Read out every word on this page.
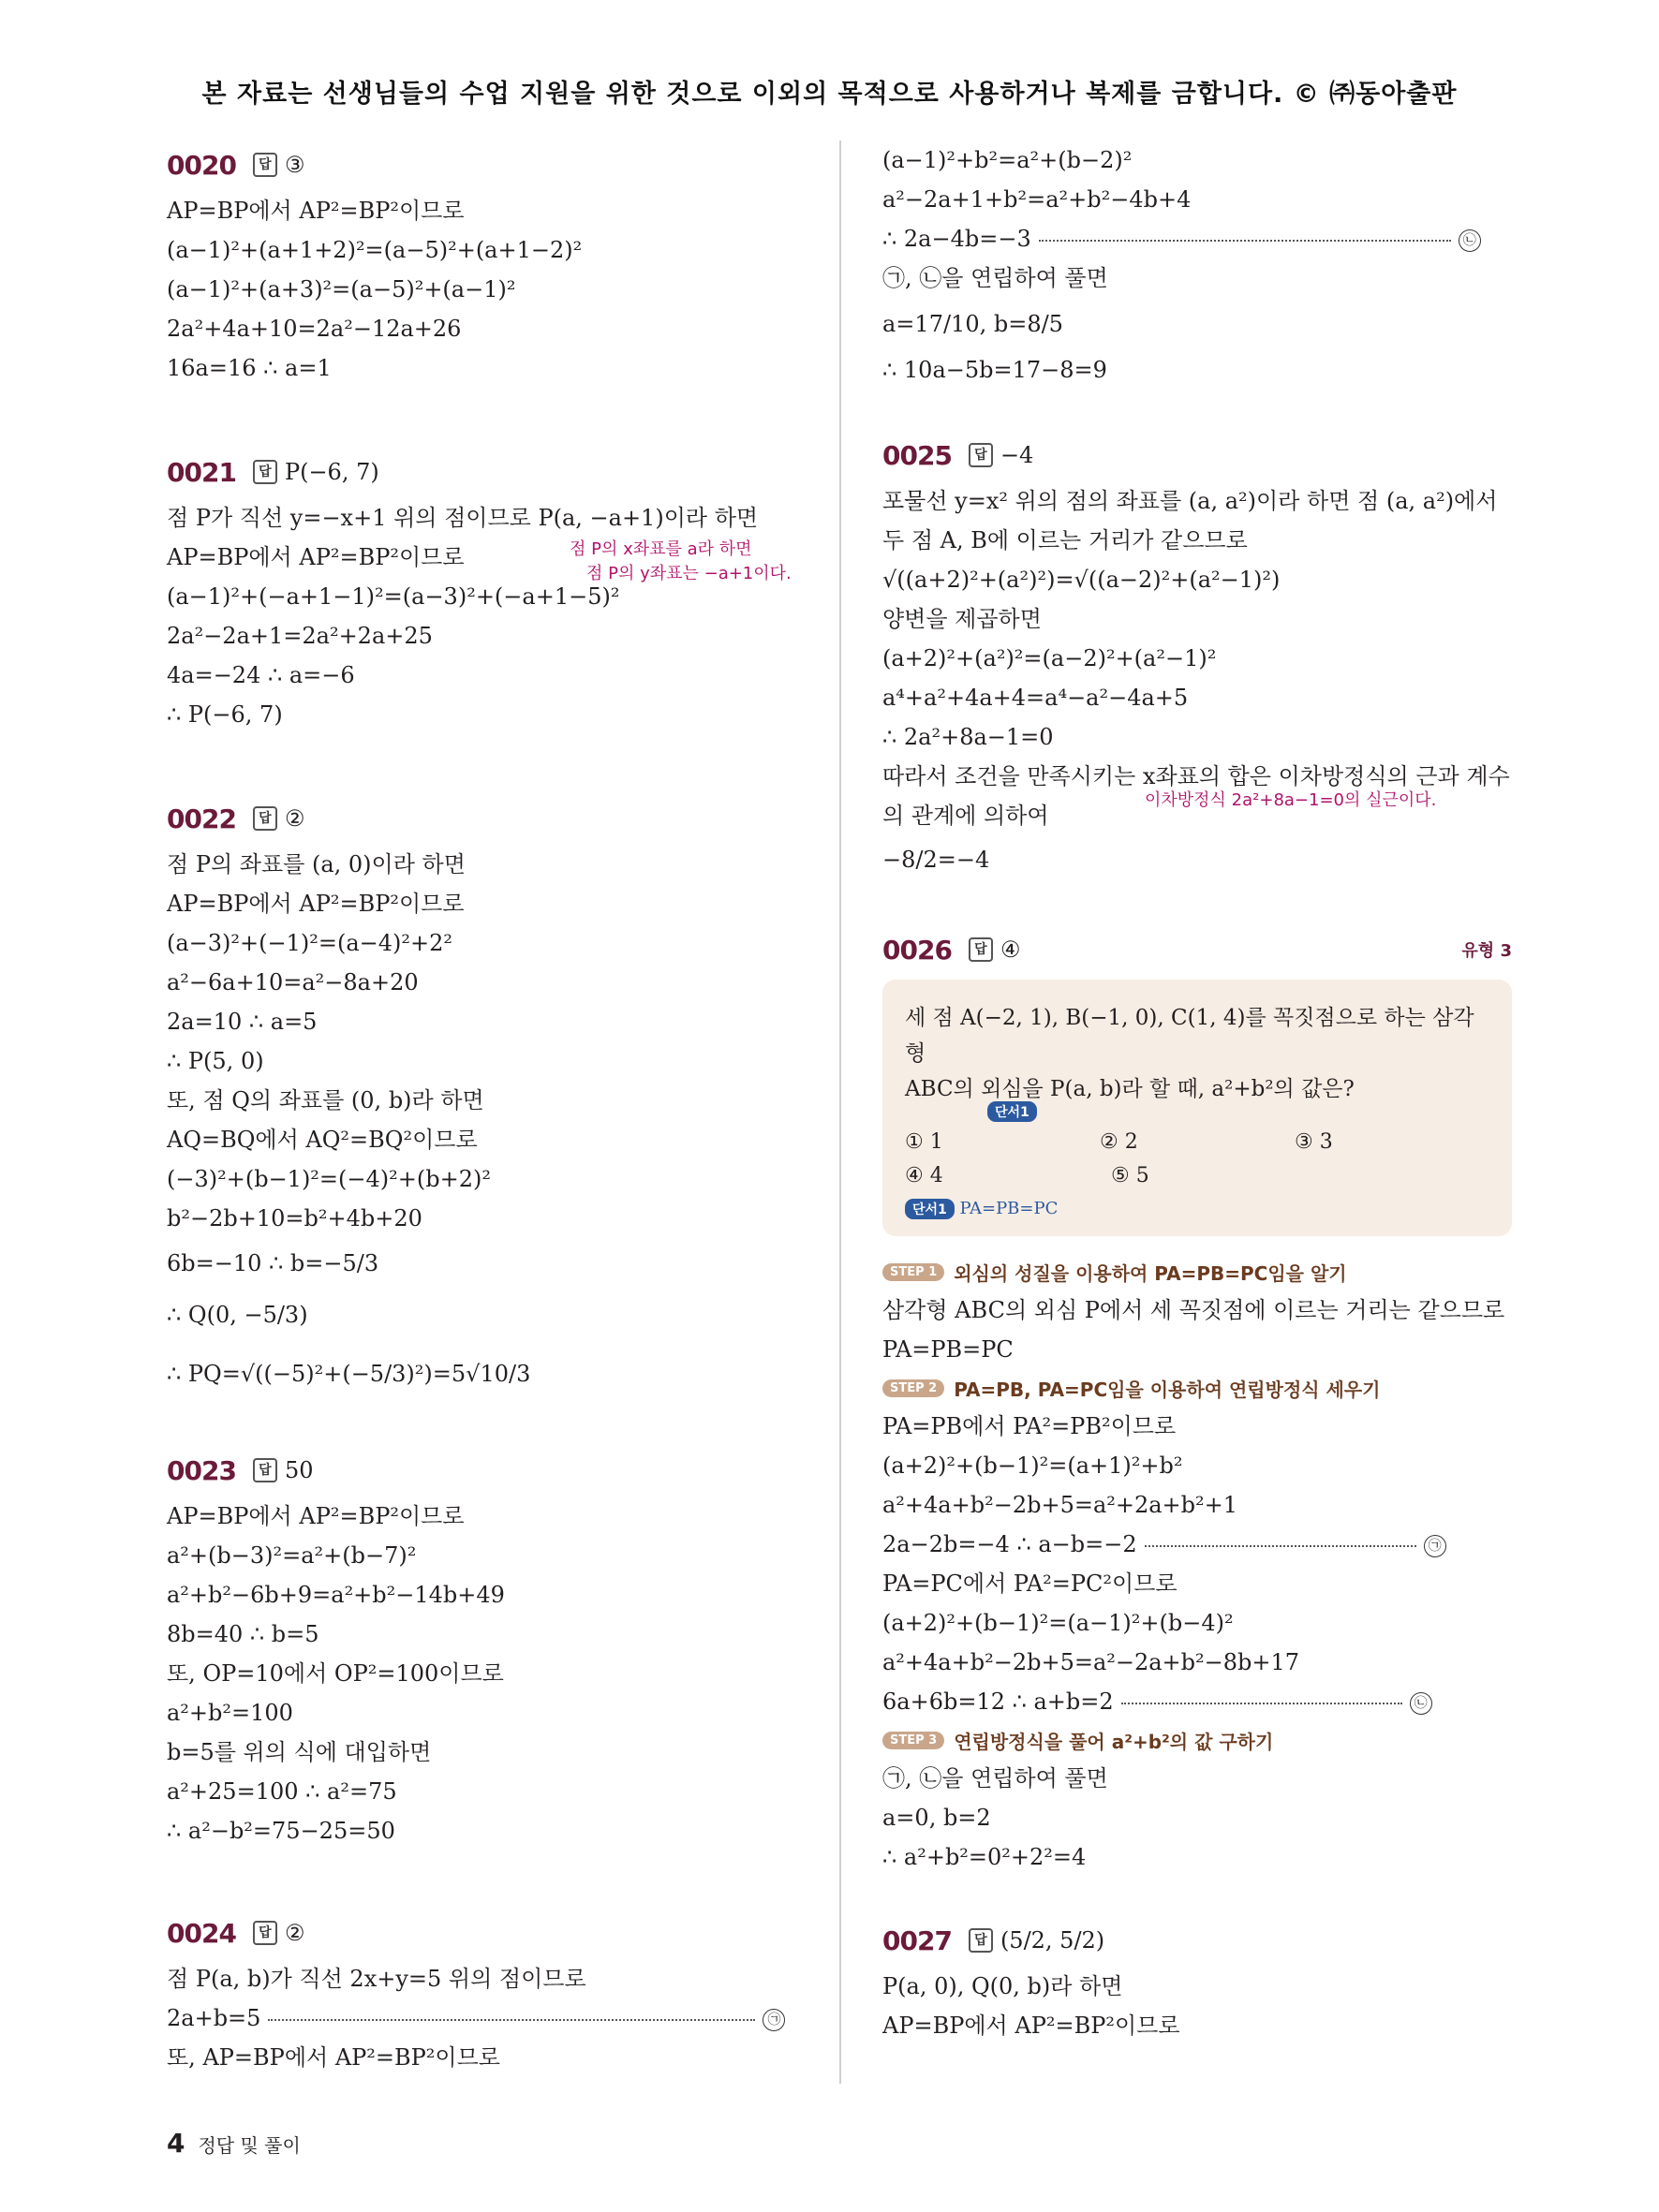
본 자료는 선생님들의 수업 지원을 위한 것으로 이외의 목적으로 사용하거나 복제를 금합니다. © ㈜동아출판
0020	답 ③
AP=BP에서 AP²=BP²이므로
(a−1)²+(a+1+2)²=(a−5)²+(a+1−2)²
(a−1)²+(a+3)²=(a−5)²+(a−1)²
2a²+4a+10=2a²−12a+26
16a=16 ∴ a=1
0021	답 P(−6, 7)
점 P가 직선 y=−x+1 위의 점이므로 P(a, −a+1)이라 하면
AP=BP에서 AP²=BP²이므로	점 P의 x좌표를 a라 하면
점 P의 y좌표는 −a+1이다.
(a−1)²+(−a+1−1)²=(a−3)²+(−a+1−5)²
2a²−2a+1=2a²+2a+25
4a=−24 ∴ a=−6
∴ P(−6, 7)
0022	답 ②
점 P의 좌표를 (a, 0)이라 하면
AP=BP에서 AP²=BP²이므로
(a−3)²+(−1)²=(a−4)²+2²
a²−6a+10=a²−8a+20
2a=10 ∴ a=5
∴ P(5, 0)
또, 점 Q의 좌표를 (0, b)라 하면
AQ=BQ에서 AQ²=BQ²이므로
(−3)²+(b−1)²=(−4)²+(b+2)²
b²−2b+10=b²+4b+20
6b=−10 ∴ b=−5/3
∴ Q(0, −5/3)
∴ PQ=√((−5)²+(−5/3)²)=5√10/3
0023	답 50
AP=BP에서 AP²=BP²이므로
a²+(b−3)²=a²+(b−7)²
a²+b²−6b+9=a²+b²−14b+49
8b=40 ∴ b=5
또, OP=10에서 OP²=100이므로
a²+b²=100
b=5를 위의 식에 대입하면
a²+25=100 ∴ a²=75
∴ a²−b²=75−25=50
0024	답 ②
점 P(a, b)가 직선 2x+y=5 위의 점이므로
2a+b=5	㉠
또, AP=BP에서 AP²=BP²이므로
(a−1)²+b²=a²+(b−2)²
a²−2a+1+b²=a²+b²−4b+4
∴ 2a−4b=−3	㉡
㉠, ㉡을 연립하여 풀면
a=17/10, b=8/5
∴ 10a−5b=17−8=9
0025	답 −4
포물선 y=x² 위의 점의 좌표를 (a, a²)이라 하면 점 (a, a²)에서
두 점 A, B에 이르는 거리가 같으므로
√((a+2)²+(a²)²)=√((a−2)²+(a²−1)²)
양변을 제곱하면
(a+2)²+(a²)²=(a−2)²+(a²−1)²
a⁴+a²+4a+4=a⁴−a²−4a+5
∴ 2a²+8a−1=0
따라서 조건을 만족시키는 x좌표의 합은 이차방정식의 근과 계수
의 관계에 의하여
이차방정식 2a²+8a−1=0의 실근이다.
−8/2=−4
0026	답 ④	유형 3
세 점 A(−2, 1), B(−1, 0), C(1, 4)를 꼭짓점으로 하는 삼각형
ABC의 외심을 P(a, b)라 할 때, a²+b²의 값은?
단서1
① 1	② 2	③ 3
④ 4	⑤ 5
단서1 PA=PB=PC
STEP 1 외심의 성질을 이용하여 PA=PB=PC임을 알기
삼각형 ABC의 외심 P에서 세 꼭짓점에 이르는 거리는 같으므로
PA=PB=PC
STEP 2 PA=PB, PA=PC임을 이용하여 연립방정식 세우기
PA=PB에서 PA²=PB²이므로
(a+2)²+(b−1)²=(a+1)²+b²
a²+4a+b²−2b+5=a²+2a+b²+1
2a−2b=−4 ∴ a−b=−2	㉠
PA=PC에서 PA²=PC²이므로
(a+2)²+(b−1)²=(a−1)²+(b−4)²
a²+4a+b²−2b+5=a²−2a+b²−8b+17
6a+6b=12 ∴ a+b=2	㉡
STEP 3 연립방정식을 풀어 a²+b²의 값 구하기
㉠, ㉡을 연립하여 풀면
a=0, b=2
∴ a²+b²=0²+2²=4
0027	답 (5/2, 5/2)
P(a, 0), Q(0, b)라 하면
AP=BP에서 AP²=BP²이므로
4 정답 및 풀이
